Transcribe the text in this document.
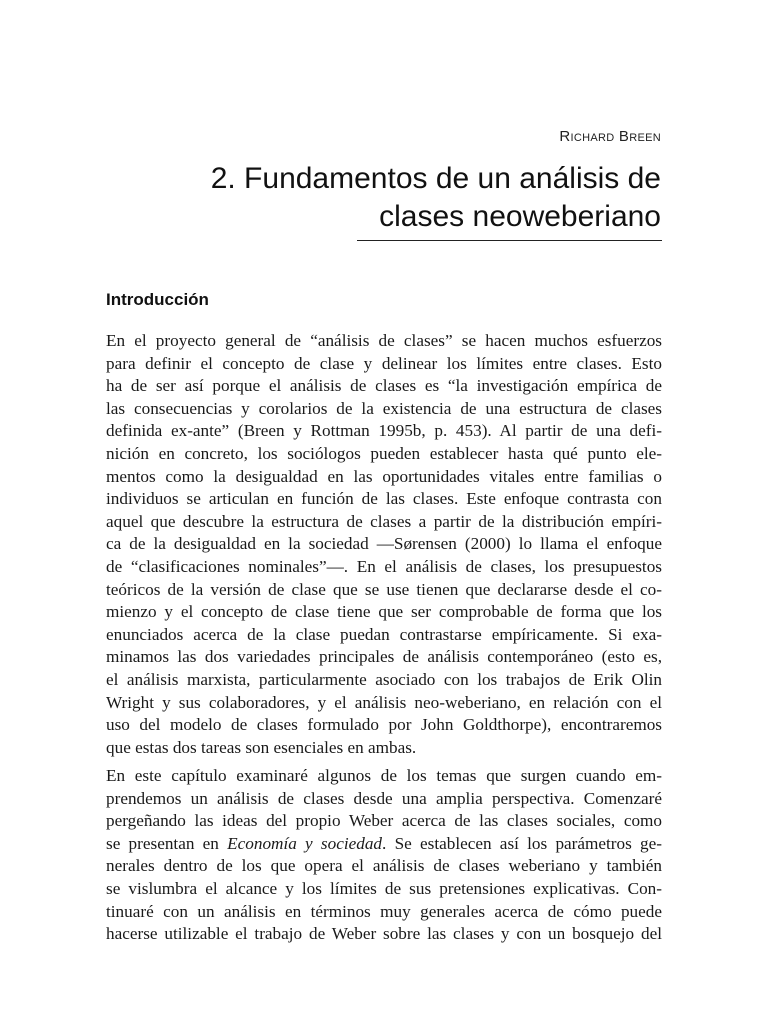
Richard Breen
2. Fundamentos de un análisis de
clases neoweberiano
Introducción
En el proyecto general de “análisis de clases” se hacen muchos esfuerzos
para definir el concepto de clase y delinear los límites entre clases. Esto
ha de ser así porque el análisis de clases es “la investigación empírica de
las consecuencias y corolarios de la existencia de una estructura de clases
definida ex-ante” (Breen y Rottman 1995b, p. 453). Al partir de una defi-
nición en concreto, los sociólogos pueden establecer hasta qué punto ele-
mentos como la desigualdad en las oportunidades vitales entre familias o
individuos se articulan en función de las clases. Este enfoque contrasta con
aquel que descubre la estructura de clases a partir de la distribución empíri-
ca de la desigualdad en la sociedad —Sørensen (2000) lo llama el enfoque
de “clasificaciones nominales”—. En el análisis de clases, los presupuestos
teóricos de la versión de clase que se use tienen que declararse desde el co-
mienzo y el concepto de clase tiene que ser comprobable de forma que los
enunciados acerca de la clase puedan contrastarse empíricamente. Si exa-
minamos las dos variedades principales de análisis contemporáneo (esto es,
el análisis marxista, particularmente asociado con los trabajos de Erik Olin
Wright y sus colaboradores, y el análisis neo-weberiano, en relación con el
uso del modelo de clases formulado por John Goldthorpe), encontraremos
que estas dos tareas son esenciales en ambas.
En este capítulo examinaré algunos de los temas que surgen cuando em-
prendemos un análisis de clases desde una amplia perspectiva. Comenzaré
pergeñando las ideas del propio Weber acerca de las clases sociales, como
se presentan en Economía y sociedad. Se establecen así los parámetros ge-
nerales dentro de los que opera el análisis de clases weberiano y también
se vislumbra el alcance y los límites de sus pretensiones explicativas. Con-
tinuaré con un análisis en términos muy generales acerca de cómo puede
hacerse utilizable el trabajo de Weber sobre las clases y con un bosquejo del
